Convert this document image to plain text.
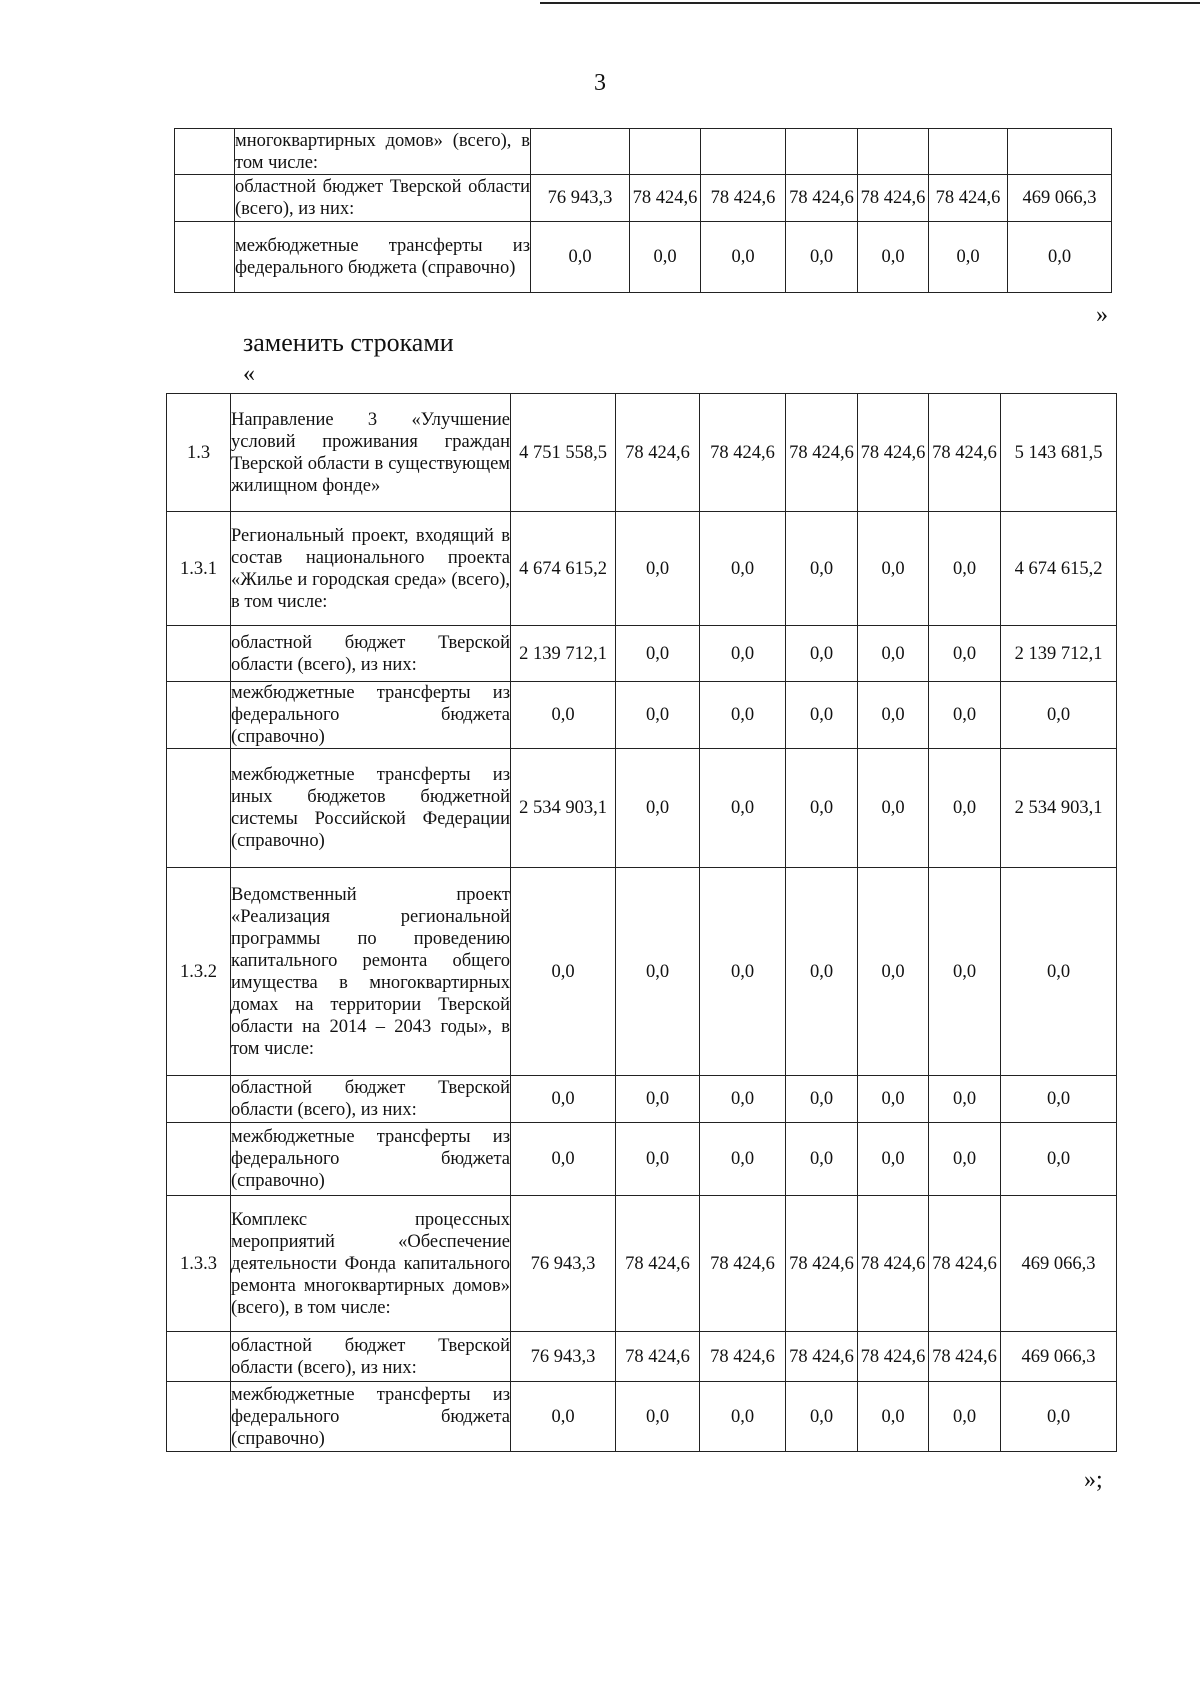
3
	многоквартирных домов» (всего), в том числе:							
	областной бюджет Тверской области (всего), из них:	76 943,3	78 424,6	78 424,6	78 424,6	78 424,6	78 424,6	469 066,3
	межбюджетные трансферты из федерального бюджета (справочно)	0,0	0,0	0,0	0,0	0,0	0,0	0,0
»
заменить строками
«
1.3	Направление 3 «Улучшение условий проживания граждан Тверской области в существующем жилищном фонде»	4 751 558,5	78 424,6	78 424,6	78 424,6	78 424,6	78 424,6	5 143 681,5
1.3.1	Региональный проект, входящий в состав национального проекта «Жилье и городская среда» (всего), в том числе:	4 674 615,2	0,0	0,0	0,0	0,0	0,0	4 674 615,2
	областной бюджет Тверской области (всего), из них:	2 139 712,1	0,0	0,0	0,0	0,0	0,0	2 139 712,1
	межбюджетные трансферты из федерального бюджета (справочно)	0,0	0,0	0,0	0,0	0,0	0,0	0,0
	межбюджетные трансферты из иных бюджетов бюджетной системы Российской Федерации (справочно)	2 534 903,1	0,0	0,0	0,0	0,0	0,0	2 534 903,1
1.3.2	Ведомственный проект «Реализация региональной программы по проведению капитального ремонта общего имущества в многоквартирных домах на территории Тверской области на 2014 – 2043 годы», в том числе:	0,0	0,0	0,0	0,0	0,0	0,0	0,0
	областной бюджет Тверской области (всего), из них:	0,0	0,0	0,0	0,0	0,0	0,0	0,0
	межбюджетные трансферты из федерального бюджета (справочно)	0,0	0,0	0,0	0,0	0,0	0,0	0,0
1.3.3	Комплекс процессных мероприятий «Обеспечение деятельности Фонда капитального ремонта многоквартирных домов» (всего), в том числе:	76 943,3	78 424,6	78 424,6	78 424,6	78 424,6	78 424,6	469 066,3
	областной бюджет Тверской области (всего), из них:	76 943,3	78 424,6	78 424,6	78 424,6	78 424,6	78 424,6	469 066,3
	межбюджетные трансферты из федерального бюджета (справочно)	0,0	0,0	0,0	0,0	0,0	0,0	0,0
»;
